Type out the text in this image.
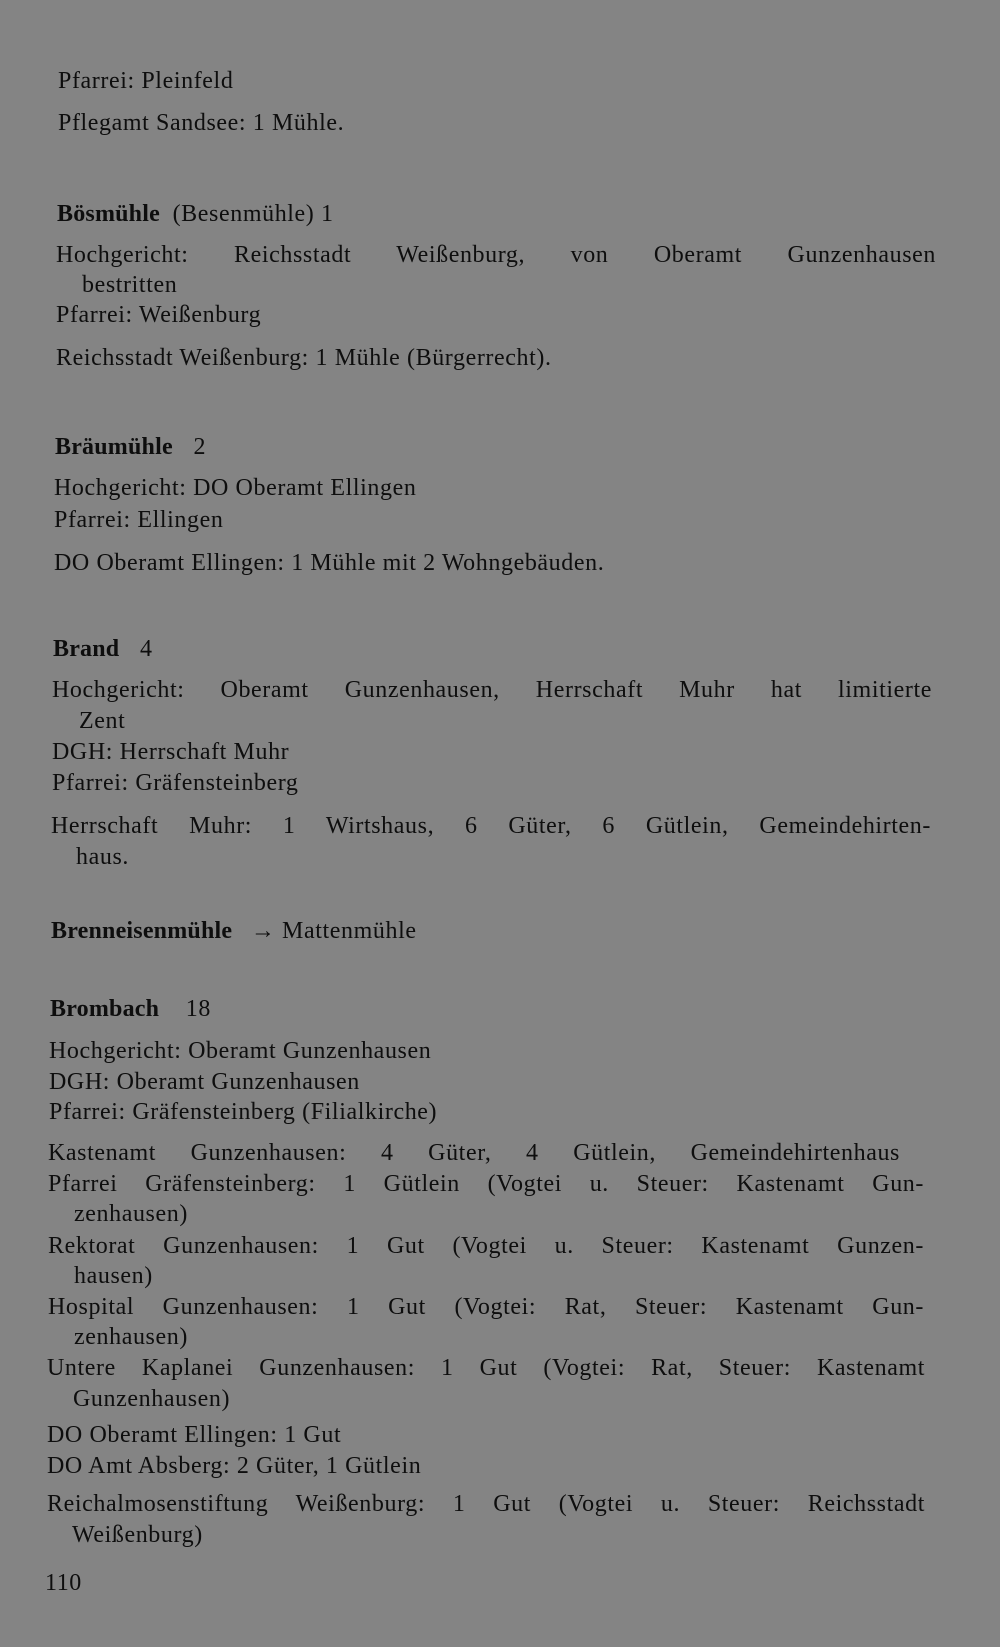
Pfarrei: Pleinfeld
Pflegamt Sandsee: 1 Mühle.
Bösmühle (Besenmühle) 1
Hochgericht: Reichsstadt Weißenburg, von Oberamt Gunzenhausen
bestritten
Pfarrei: Weißenburg
Reichsstadt Weißenburg: 1 Mühle (Bürgerrecht).
Bräumühle 2
Hochgericht: DO Oberamt Ellingen
Pfarrei: Ellingen
DO Oberamt Ellingen: 1 Mühle mit 2 Wohngebäuden.
Brand 4
Hochgericht: Oberamt Gunzenhausen, Herrschaft Muhr hat limitierte
Zent
DGH: Herrschaft Muhr
Pfarrei: Gräfensteinberg
Herrschaft Muhr: 1 Wirtshaus, 6 Güter, 6 Gütlein, Gemeindehirten-
haus.
Brenneisenmühle → Mattenmühle
Brombach 18
Hochgericht: Oberamt Gunzenhausen
DGH: Oberamt Gunzenhausen
Pfarrei: Gräfensteinberg (Filialkirche)
Kastenamt Gunzenhausen: 4 Güter, 4 Gütlein, Gemeindehirtenhaus
Pfarrei Gräfensteinberg: 1 Gütlein (Vogtei u. Steuer: Kastenamt Gun-
zenhausen)
Rektorat Gunzenhausen: 1 Gut (Vogtei u. Steuer: Kastenamt Gunzen-
hausen)
Hospital Gunzenhausen: 1 Gut (Vogtei: Rat, Steuer: Kastenamt Gun-
zenhausen)
Untere Kaplanei Gunzenhausen: 1 Gut (Vogtei: Rat, Steuer: Kastenamt
Gunzenhausen)
DO Oberamt Ellingen: 1 Gut
DO Amt Absberg: 2 Güter, 1 Gütlein
Reichalmosenstiftung Weißenburg: 1 Gut (Vogtei u. Steuer: Reichsstadt
Weißenburg)
110
